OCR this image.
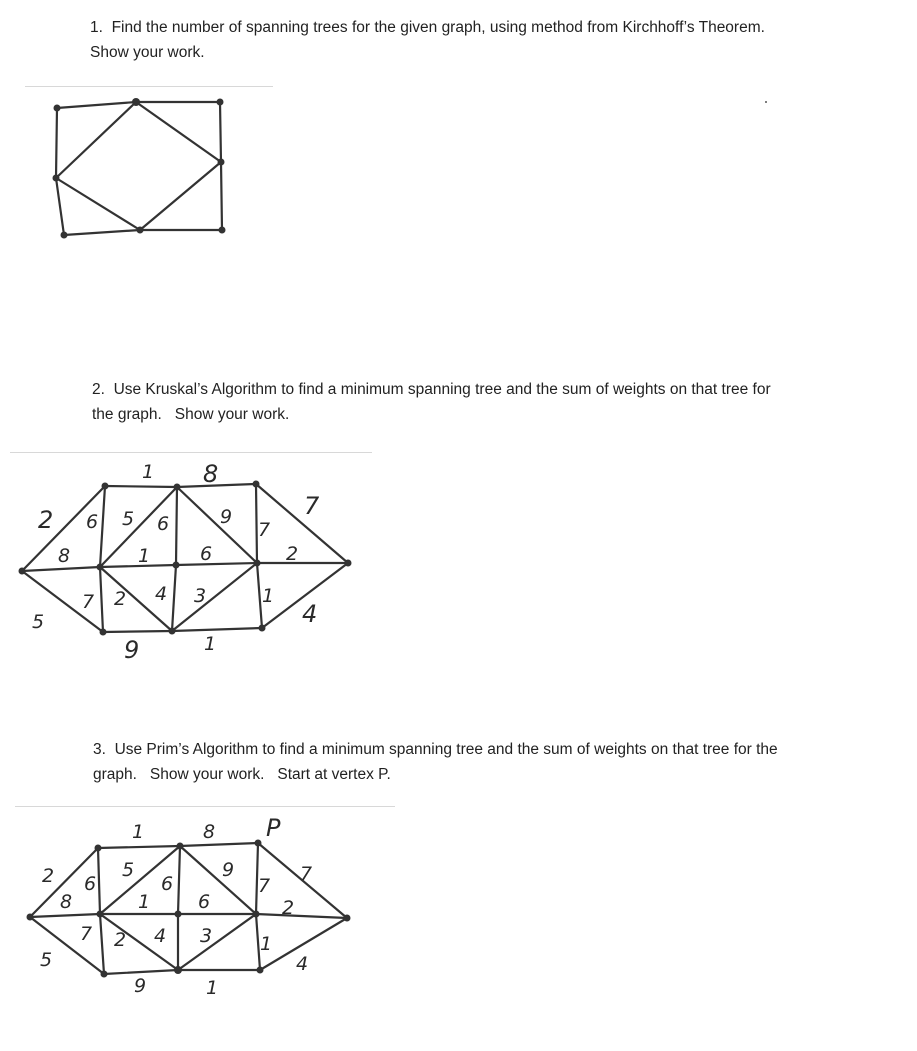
1. Find the number of spanning trees for the given graph, using method from Kirchhoff’s Theorem.
Show your work.
2. Use Kruskal’s Algorithm to find a minimum spanning tree and the sum of weights on that tree for
the graph. Show your work.
1 8
2 6 5 6	9
7
7
8	1	6	2
7 2 4 3	1
4
5
9	1
3. Use Prim’s Algorithm to find a minimum spanning tree and the sum of weights on that tree for the
graph. Show your work. Start at vertex P.
P
1	8
2 6
5
6
9
7
7
8	1	6	2
7 2 4 3	1
4
5
9	1
